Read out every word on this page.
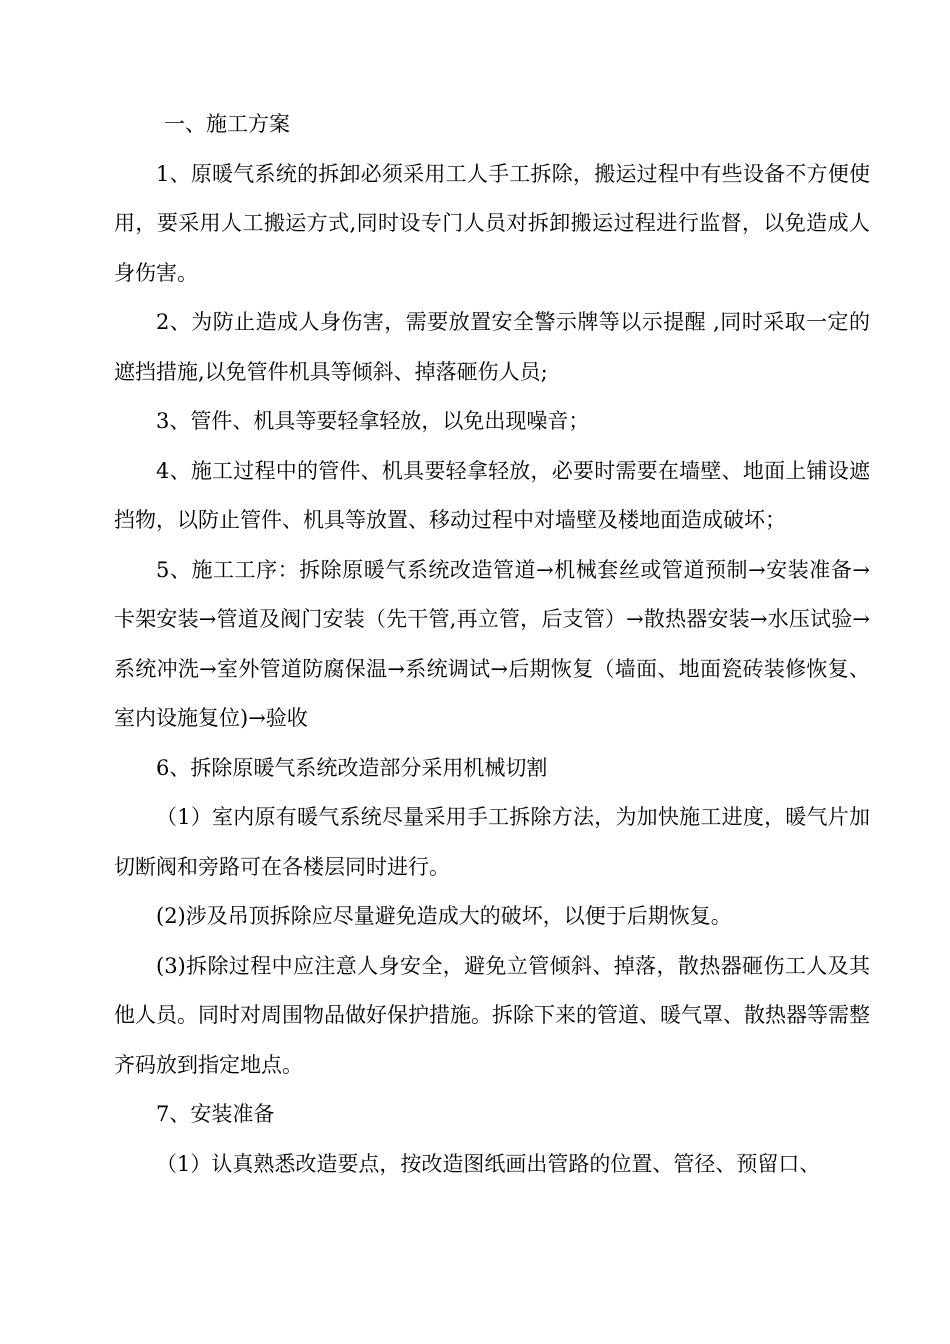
一、施工方案

1、原暖气系统的拆卸必须采用工人手工拆除，搬运过程中有些设备不方便使用，要采用人工搬运方式,同时设专门人员对拆卸搬运过程进行监督，以免造成人身伤害。

2、为防止造成人身伤害，需要放置安全警示牌等以示提醒 ,同时采取一定的遮挡措施,以免管件机具等倾斜、掉落砸伤人员;

3、管件、机具等要轻拿轻放，以免出现噪音；

4、施工过程中的管件、机具要轻拿轻放，必要时需要在墙壁、地面上铺设遮挡物，以防止管件、机具等放置、移动过程中对墙壁及楼地面造成破坏；

5、施工工序：拆除原暖气系统改造管道→机械套丝或管道预制→安装准备→卡架安装→管道及阀门安装（先干管,再立管，后支管）→散热器安装→水压试验→系统冲洗→室外管道防腐保温→系统调试→后期恢复（墙面、地面瓷砖装修恢复、室内设施复位)→验收

6、拆除原暖气系统改造部分采用机械切割

（1）室内原有暖气系统尽量采用手工拆除方法，为加快施工进度，暖气片加切断阀和旁路可在各楼层同时进行。

(2)涉及吊顶拆除应尽量避免造成大的破坏，以便于后期恢复。

(3)拆除过程中应注意人身安全，避免立管倾斜、掉落，散热器砸伤工人及其他人员。同时对周围物品做好保护措施。拆除下来的管道、暖气罩、散热器等需整齐码放到指定地点。

7、安装准备

（1）认真熟悉改造要点，按改造图纸画出管路的位置、管径、预留口、
